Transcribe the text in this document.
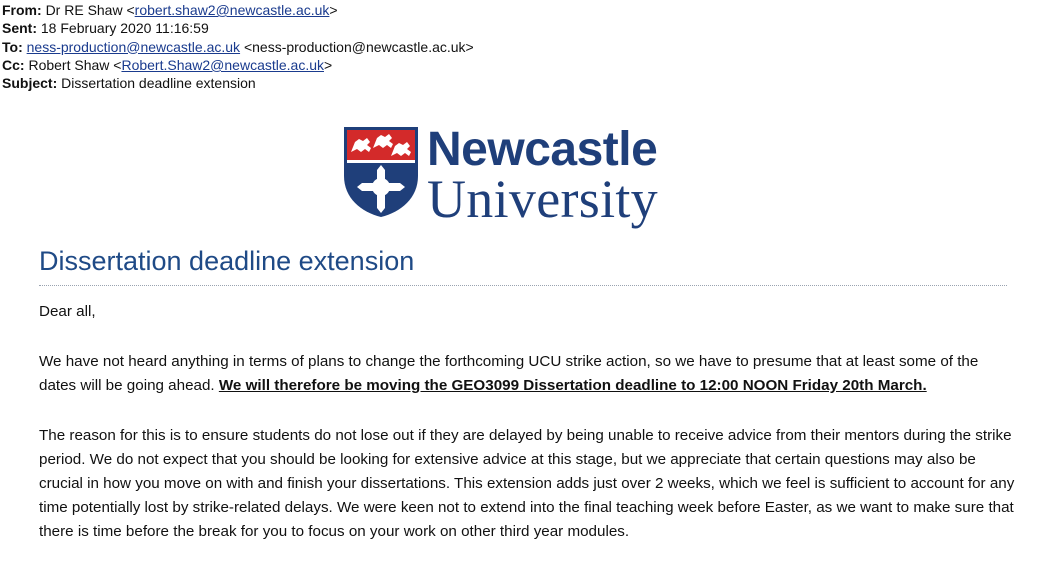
From: Dr RE Shaw <robert.shaw2@newcastle.ac.uk>
Sent: 18 February 2020 11:16:59
To: ness-production@newcastle.ac.uk <ness-production@newcastle.ac.uk>
Cc: Robert Shaw <Robert.Shaw2@newcastle.ac.uk>
Subject: Dissertation deadline extension
Newcastle
University
Dissertation deadline extension
Dear all,
We have not heard anything in terms of plans to change the forthcoming UCU strike action, so we have to presume that at least some of the dates will be going ahead. We will therefore be moving the GEO3099 Dissertation deadline to 12:00 NOON Friday 20th March.
The reason for this is to ensure students do not lose out if they are delayed by being unable to receive advice from their mentors during the strike period. We do not expect that you should be looking for extensive advice at this stage, but we appreciate that certain questions may also be crucial in how you move on with and finish your dissertations. This extension adds just over 2 weeks, which we feel is sufficient to account for any time potentially lost by strike-related delays. We were keen not to extend into the final teaching week before Easter, as we want to make sure that there is time before the break for you to focus on your work on other third year modules.
